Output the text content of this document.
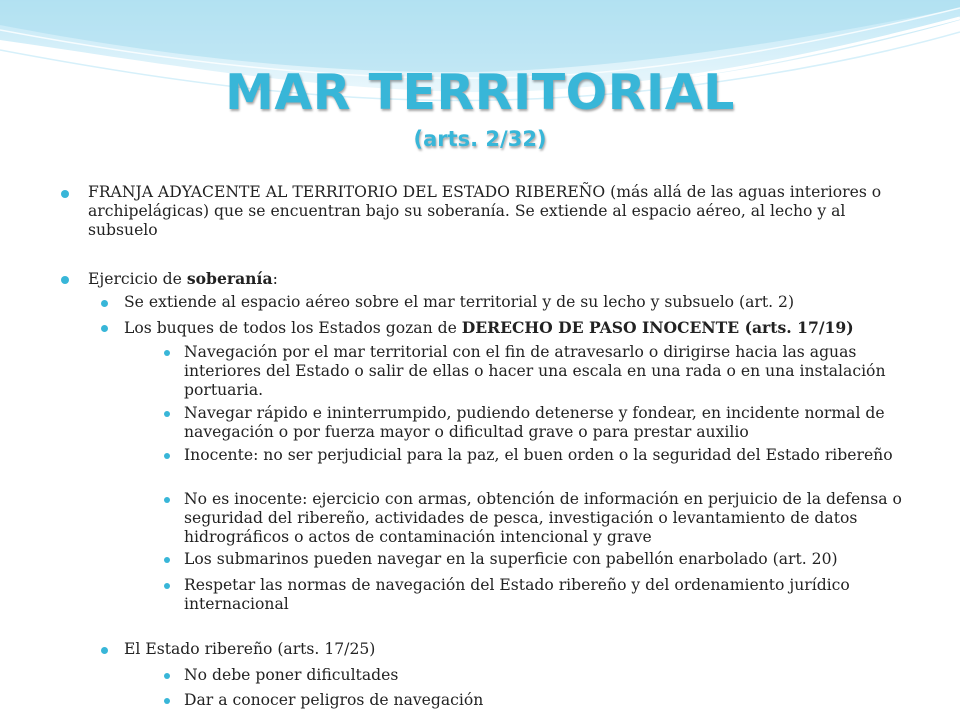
MAR TERRITORIAL
(arts. 2/32)
FRANJA ADYACENTE AL TERRITORIO DEL ESTADO RIBEREÑO (más allá de las aguas interiores o archipelágicas) que se encuentran bajo su soberanía. Se extiende al espacio aéreo, al lecho y al subsuelo
Ejercicio de soberanía:
Se extiende al espacio aéreo sobre el mar territorial y de su lecho y subsuelo (art. 2)
Los buques de todos los Estados gozan de DERECHO DE PASO INOCENTE (arts. 17/19)
Navegación por el mar territorial con el fin de atravesarlo o dirigirse hacia las aguas interiores del Estado o salir de ellas o hacer una escala en una rada o en una instalación portuaria.
Navegar rápido e ininterrumpido, pudiendo detenerse y fondear, en incidente normal de navegación o por fuerza mayor o dificultad grave o para prestar auxilio
Inocente: no ser perjudicial para la paz, el buen orden o la seguridad del Estado ribereño
No es inocente: ejercicio con armas, obtención de información en perjuicio de la defensa o seguridad del ribereño, actividades de pesca, investigación o levantamiento de datos hidrográficos o actos de contaminación intencional y grave
Los submarinos pueden navegar en la superficie con pabellón enarbolado (art. 20)
Respetar las normas de navegación del Estado ribereño y del ordenamiento jurídico internacional
El Estado ribereño (arts. 17/25)
No debe poner dificultades
Dar a conocer peligros de navegación
